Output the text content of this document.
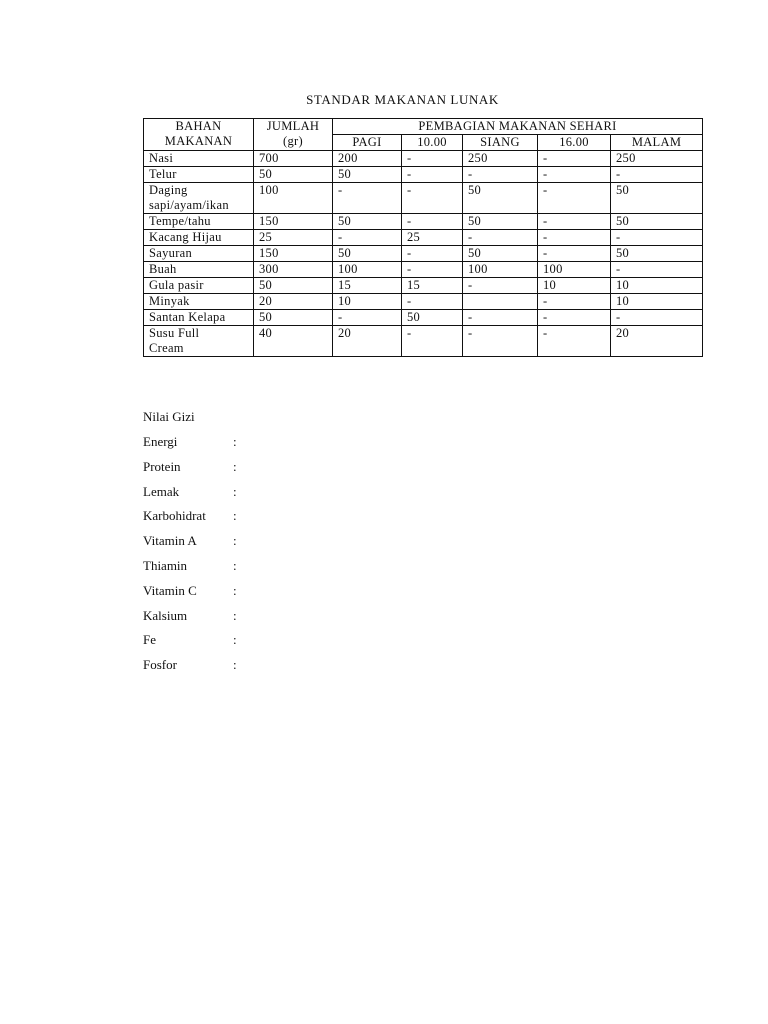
STANDAR MAKANAN LUNAK
BAHAN
MAKANAN	JUMLAH
(gr)	PEMBAGIAN MAKANAN SEHARI				
		PAGI	10.00	SIANG	16.00	MALAM
Nasi	700	200	-	250	-	250
Telur	50	50	-	-	-	-
Daging
sapi/ayam/ikan	100	-	-	50	-	50
Tempe/tahu	150	50	-	50	-	50
Kacang Hijau	25	-	25	-	-	-
Sayuran	150	50	-	50	-	50
Buah	300	100	-	100	100	-
Gula pasir	50	15	15	-	10	10
Minyak	20	10	-		-	10
Santan Kelapa	50	-	50	-	-	-
Susu Full
Cream	40	20	-	-	-	20
Nilai Gizi
Energi	:
Protein	:
Lemak	:
Karbohidrat	:
Vitamin A	:
Thiamin	:
Vitamin C	:
Kalsium	:
Fe	:
Fosfor	:
